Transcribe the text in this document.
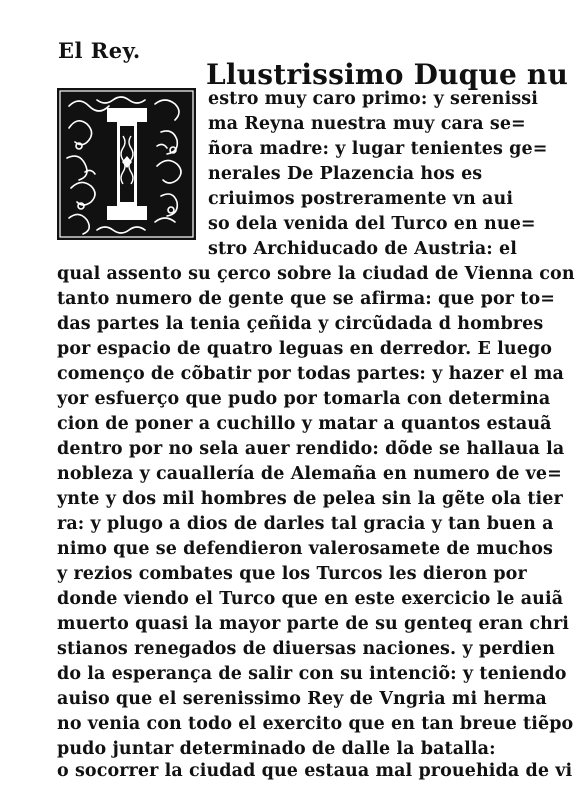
El Rey.
Llustrissimo Duque nu
I
estro muy caro primo: y serenissi
ma Reyna nuestra muy cara se=
ñora madre: y lugar tenientes ge=
nerales De Plazencia hos es
criuimos postreramente vn aui
so dela venida del Turco en nue=
stro Archiducado de Austria: el
qual assento su çerco sobre la ciudad de Vienna con
tanto numero de gente que se afirma: que por to=
das partes la tenia çeñida y circũdada d hombres
por espacio de quatro leguas en derredor. E luego
començo de cõbatir por todas partes: y hazer el ma
yor esfuerço que pudo por tomarla con determina
cion de poner a cuchillo y matar a quantos estauã
dentro por no sela auer rendido: dõde se hallaua la
nobleza y cauallería de Alemaña en numero de ve=
ynte y dos mil hombres de pelea sin la gẽte ola tier
ra: y plugo a dios de darles tal gracia y tan buen a
nimo que se defendieron valerosamete de muchos
y rezios combates que los Turcos les dieron por
donde viendo el Turco que en este exercicio le auiã
muerto quasi la mayor parte de su genteq eran chri
stianos renegados de diuersas naciones. y perdien
do la esperança de salir con su intenciõ: y teniendo
auiso que el serenissimo Rey de Vngria mi herma
no venia con todo el exercito que en tan breue tiẽpo
pudo juntar determinado de dalle la batalla:
o socorrer la ciudad que estaua mal prouehida de vi
